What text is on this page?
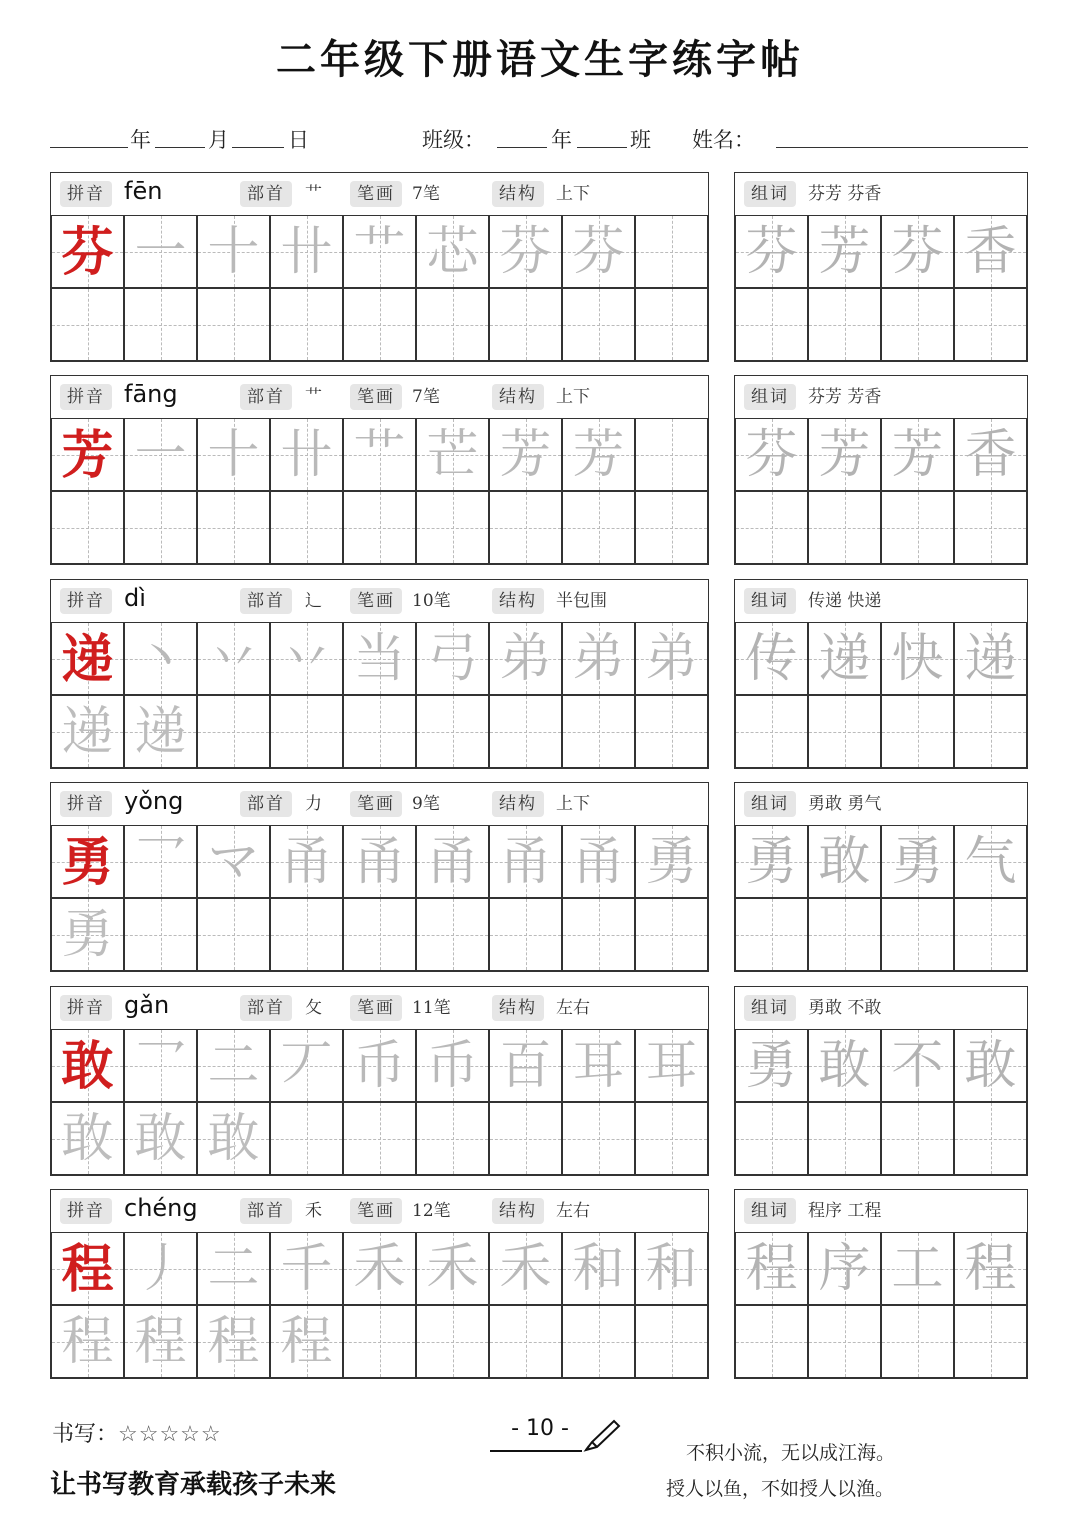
二年级下册语文生字练字帖
年	月	日	班级：	年	班 姓名：
拼音	部首	笔画	结构
fēn	艹	7笔	上下
芬 一 十 卄 艹 芯 芬 芬
组词	芬芳 芬香
芬 芳 芬 香
拼音	部首	笔画	结构
fāng	艹	7笔	上下
芳 一 十 卄 艹 芒 芳 芳
组词	芬芳 芳香
芬 芳 芳 香
拼音	部首	笔画	结构
dì	辶	10笔	半包围
递 丶 丷 丷 当 弓 弟 弟 弟
递 递
组词	传递 快递
传 递 快 递
拼音	部首	笔画	结构
yǒng	力	9笔	上下
勇 乛 マ 甬 甬 甬 甬 甬 勇
勇
组词	勇敢 勇气
勇 敢 勇 气
拼音	部首	笔画	结构
gǎn	攵	11笔	左右
敢 乛 二 丆 币 币 百 耳 耳
敢 敢 敢
组词	勇敢 不敢
勇 敢 不 敢
拼音	部首	笔画	结构
chéng	禾	12笔	左右
程 丿 二 千 禾 禾 禾 和 和
程 程 程 程
组词	程序 工程
程 序 工 程
书写：☆☆☆☆☆
让书写教育承载孩子未来
- 10 -
不积小流，无以成江海。
授人以鱼，不如授人以渔。
